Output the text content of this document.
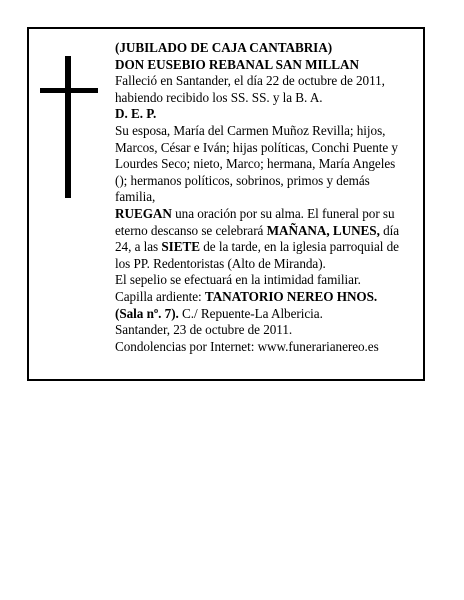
(JUBILADO DE CAJA CANTABRIA)
DON EUSEBIO REBANAL SAN MILLAN
Falleció en Santander, el día 22 de octubre de 2011,
habiendo recibido los SS. SS. y la B. A.
D. E. P.
Su esposa, María del Carmen Muñoz Revilla; hijos,
Marcos, César e Iván; hijas políticas, Conchi Puente y
Lourdes Seco; nieto, Marco; hermana, María Angeles
(); hermanos políticos, sobrinos, primos y demás
familia,
RUEGAN una oración por su alma. El funeral por su
eterno descanso se celebrará MAÑANA, LUNES, día
24, a las SIETE de la tarde, en la iglesia parroquial de
los PP. Redentoristas (Alto de Miranda).
El sepelio se efectuará en la intimidad familiar.
Capilla ardiente: TANATORIO NEREO HNOS.
(Sala nº. 7). C./ Repuente-La Albericia.
Santander, 23 de octubre de 2011.
Condolencias por Internet: www.funerarianereo.es
